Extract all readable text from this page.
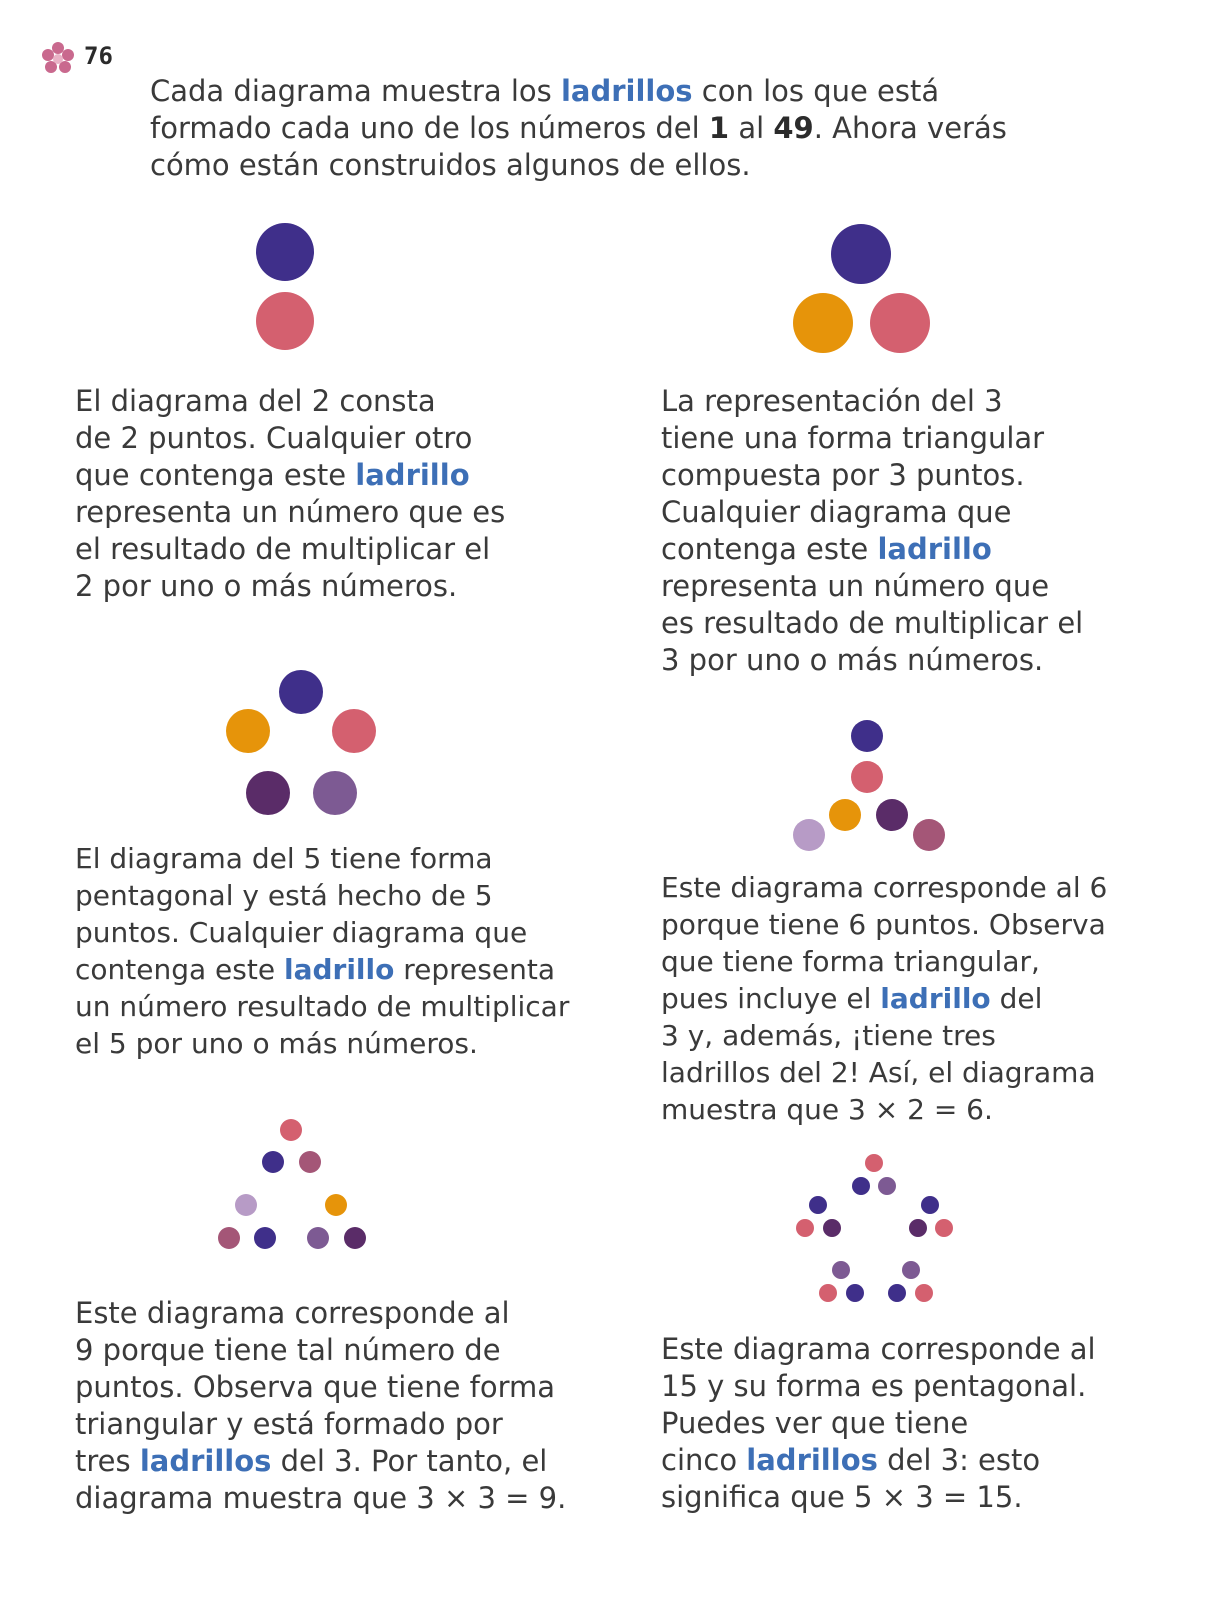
76

Cada diagrama muestra los ladrillos con los que está formado cada uno de los números del 1 al 49. Ahora verás cómo están construidos algunos de ellos.

El diagrama del 2 consta
de 2 puntos. Cualquier otro
que contenga este ladrillo
representa un número que es
el resultado de multiplicar el
2 por uno o más números.

La representación del 3
tiene una forma triangular
compuesta por 3 puntos.
Cualquier diagrama que
contenga este ladrillo
representa un número que
es resultado de multiplicar el
3 por uno o más números.

El diagrama del 5 tiene forma
pentagonal y está hecho de 5
puntos. Cualquier diagrama que
contenga este ladrillo representa
un número resultado de multiplicar
el 5 por uno o más números.

Este diagrama corresponde al 6
porque tiene 6 puntos. Observa
que tiene forma triangular,
pues incluye el ladrillo del
3 y, además, ¡tiene tres
ladrillos del 2! Así, el diagrama
muestra que 3 × 2 = 6.

Este diagrama corresponde al
9 porque tiene tal número de
puntos. Observa que tiene forma
triangular y está formado por
tres ladrillos del 3. Por tanto, el
diagrama muestra que 3 × 3 = 9.

Este diagrama corresponde al
15 y su forma es pentagonal.
Puedes ver que tiene
cinco ladrillos del 3: esto
significa que 5 × 3 = 15.
